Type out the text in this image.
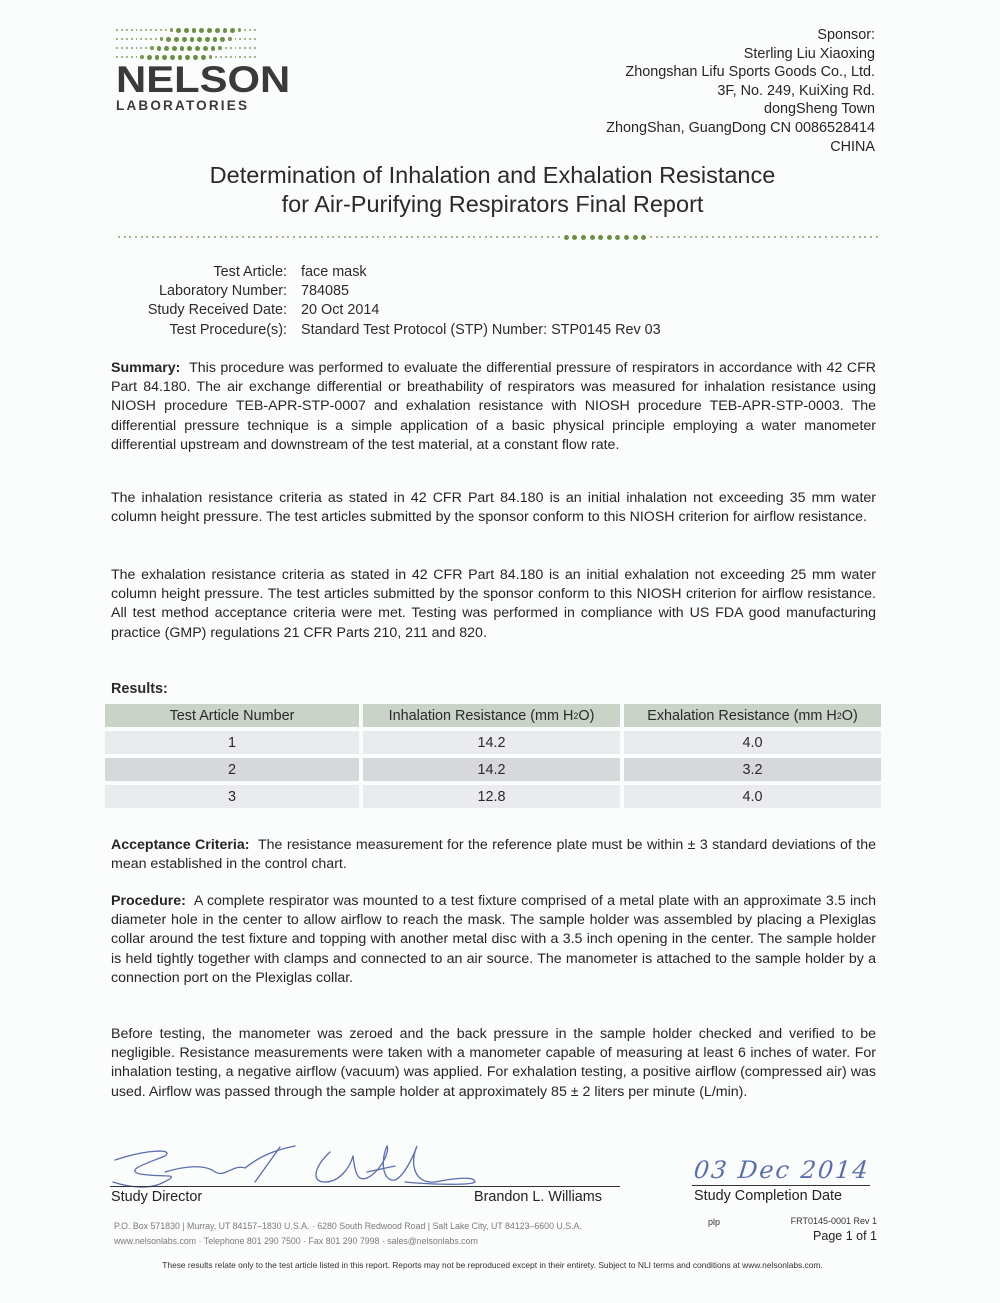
NELSON
LABORATORIES
Sponsor:
Sterling Liu Xiaoxing
Zhongshan Lifu Sports Goods Co., Ltd.
3F, No. 249, KuiXing Rd.
dongSheng Town
ZhongShan, GuangDong CN 0086528414
CHINA
Determination of Inhalation and Exhalation Resistance
for Air-Purifying Respirators Final Report
Test Article: face mask
Laboratory Number: 784085
Study Received Date: 20 Oct 2014
Test Procedure(s): Standard Test Protocol (STP) Number: STP0145 Rev 03

Summary: This procedure was performed to evaluate the differential pressure of respirators in accordance with 42 CFR Part 84.180. The air exchange differential or breathability of respirators was measured for inhalation resistance using NIOSH procedure TEB-APR-STP-0007 and exhalation resistance with NIOSH procedure TEB-APR-STP-0003. The differential pressure technique is a simple application of a basic physical principle employing a water manometer differential upstream and downstream of the test material, at a constant flow rate.

The inhalation resistance criteria as stated in 42 CFR Part 84.180 is an initial inhalation not exceeding 35 mm water column height pressure. The test articles submitted by the sponsor conform to this NIOSH criterion for airflow resistance.

The exhalation resistance criteria as stated in 42 CFR Part 84.180 is an initial exhalation not exceeding 25 mm water column height pressure. The test articles submitted by the sponsor conform to this NIOSH criterion for airflow resistance. All test method acceptance criteria were met. Testing was performed in compliance with US FDA good manufacturing practice (GMP) regulations 21 CFR Parts 210, 211 and 820.

Results:
Test Article Number	Inhalation Resistance (mm H 2 O)	Exhalation Resistance (mm H 2 O)
1	14.2	4.0
2	14.2	3.2
3	12.8	4.0

Acceptance Criteria: The resistance measurement for the reference plate must be within ± 3 standard deviations of the mean established in the control chart.

Procedure: A complete respirator was mounted to a test fixture comprised of a metal plate with an approximate 3.5 inch diameter hole in the center to allow airflow to reach the mask. The sample holder was assembled by placing a Plexiglas collar around the test fixture and topping with another metal disc with a 3.5 inch opening in the center. The sample holder is held tightly together with clamps and connected to an air source. The manometer is attached to the sample holder by a connection port on the Plexiglas collar.

Before testing, the manometer was zeroed and the back pressure in the sample holder checked and verified to be negligible. Resistance measurements were taken with a manometer capable of measuring at least 6 inches of water. For inhalation testing, a negative airflow (vacuum) was applied. For exhalation testing, a positive airflow (compressed air) was used. Airflow was passed through the sample holder at approximately 85 ± 2 liters per minute (L/min).

Study Director	Brandon L. Williams
03 Dec 2014
Study Completion Date
P.O. Box 571830 | Murray, UT 84157–1830 U.S.A. · 6280 South Redwood Road | Salt Lake City, UT 84123–6600 U.S.A.
www.nelsonlabs.com · Telephone 801 290 7500 · Fax 801 290 7998 · sales@nelsonlabs.com
plp	FRT0145-0001 Rev 1
Page 1 of 1
These results relate only to the test article listed in this report. Reports may not be reproduced except in their entirety. Subject to NLI terms and conditions at www.nelsonlabs.com.
